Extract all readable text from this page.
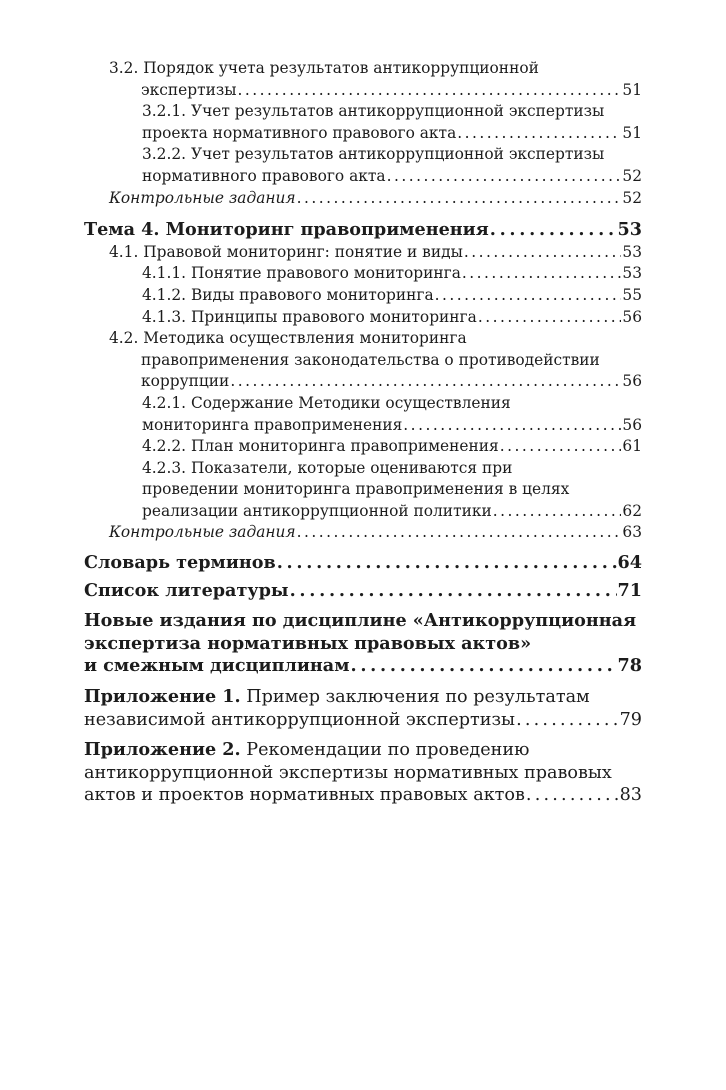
3.2. Порядок учета результатов антикоррупционной
экспертизы . . .	51
3.2.1. Учет результатов антикоррупционной экспертизы
проекта нормативного правового акта . . .	51
3.2.2. Учет результатов антикоррупционной экспертизы
нормативного правового акта . . .	52
Контрольные задания . . .	52
Тема 4. Мониторинг правоприменения . . .	53
4.1. Правовой мониторинг: понятие и виды . . .	53
4.1.1. Понятие правового мониторинга . . .	53
4.1.2. Виды правового мониторинга . . .	55
4.1.3. Принципы правового мониторинга . . .	56
4.2. Методика осуществления мониторинга
правоприменения законодательства о противодействии
коррупции . . .	56
4.2.1. Содержание Методики осуществления
мониторинга правоприменения . . .	56
4.2.2. План мониторинга правоприменения . . .	61
4.2.3. Показатели, которые оцениваются при
проведении мониторинга правоприменения в целях
реализации антикоррупционной политики . . .	62
Контрольные задания . . .	63
Словарь терминов . . .	64
Список литературы . . .	71
Новые издания по дисциплине «Антикоррупционная
экспертиза нормативных правовых актов»
и смежным дисциплинам . . .	78
Приложение 1. Пример заключения по результатам
независимой антикоррупционной экспертизы . . .	79
Приложение 2. Рекомендации по проведению
антикоррупционной экспертизы нормативных правовых
актов и проектов нормативных правовых актов . . .	83
